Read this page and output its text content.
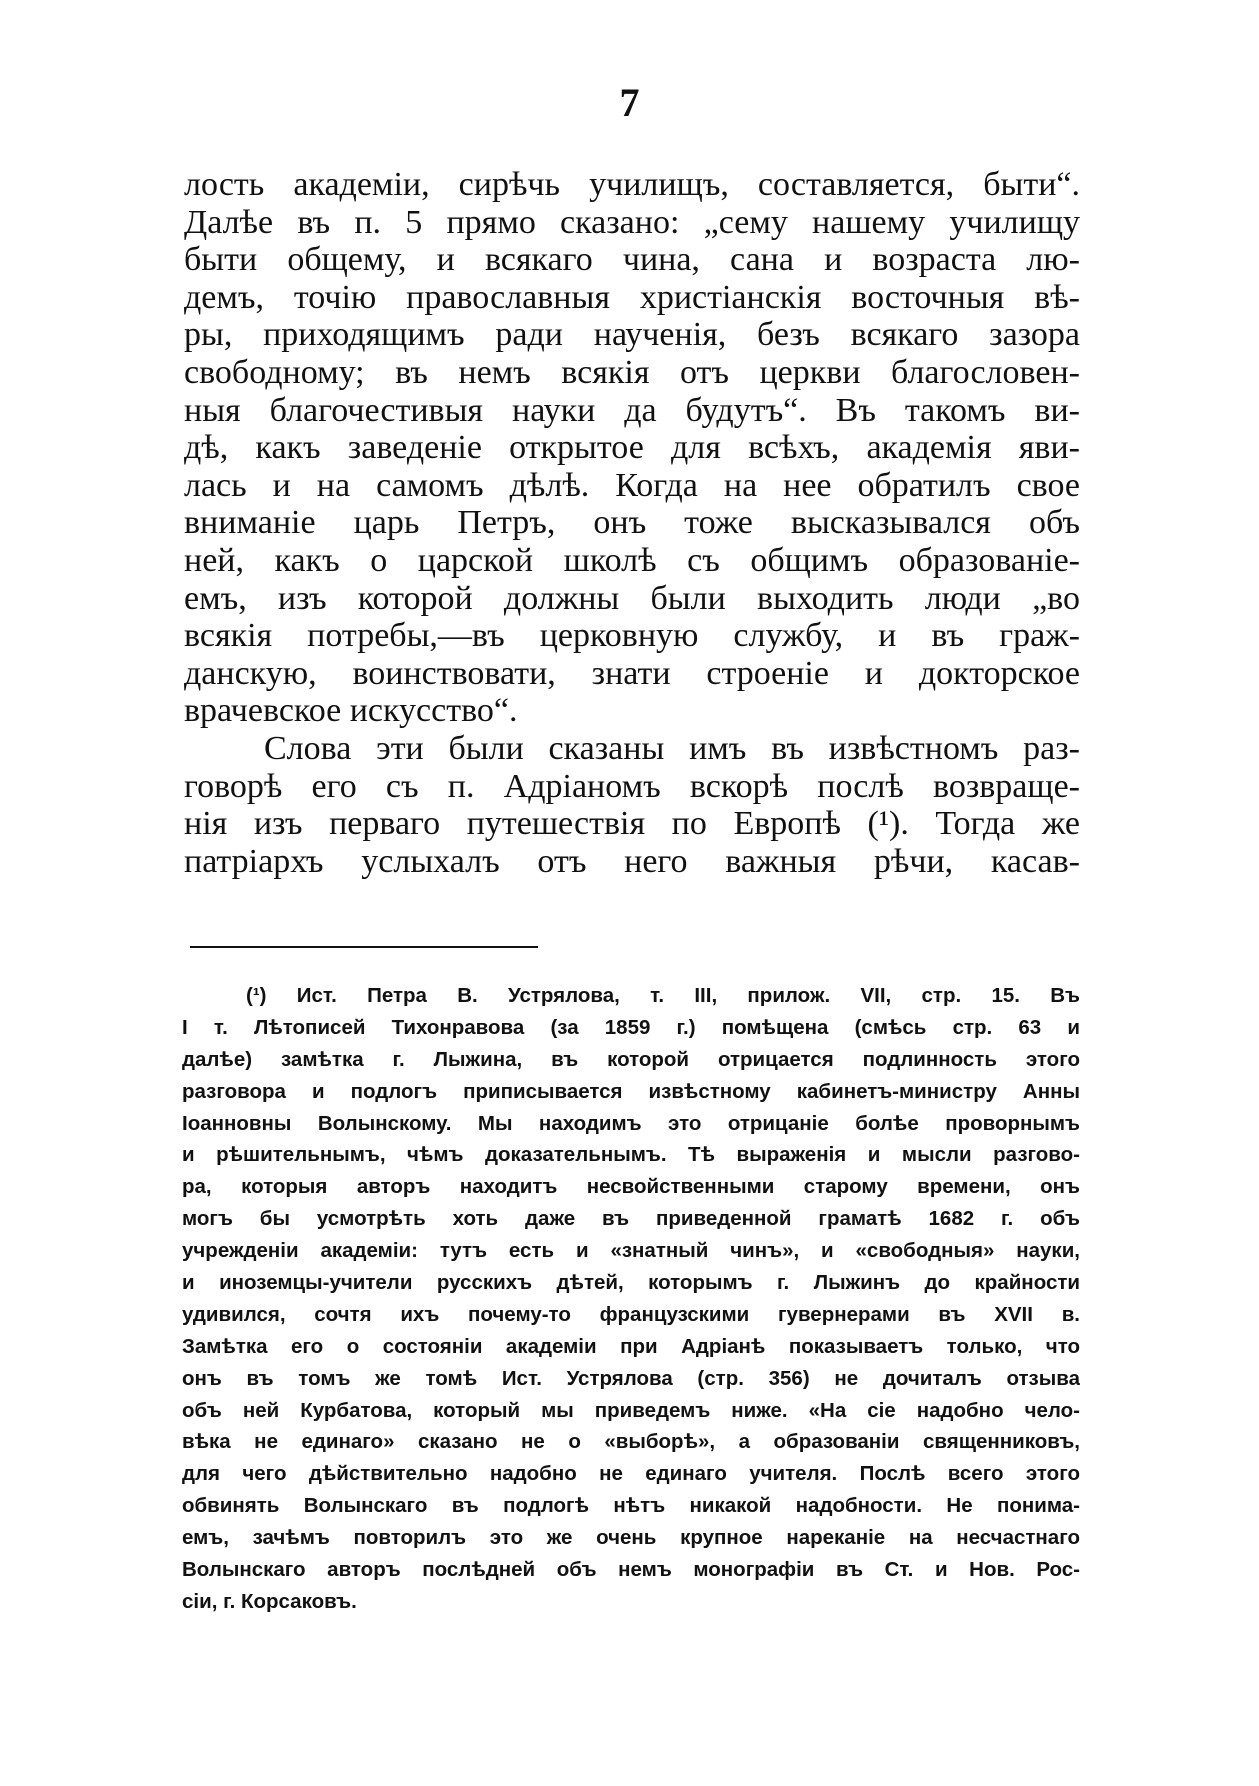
7
лость академіи, сирѣчь училищъ, составляется, быти“.
Далѣе въ п. 5 прямо сказано: „сему нашему училищу
быти общему, и всякаго чина, сана и возраста лю-
демъ, точію православныя христіанскія восточныя вѣ-
ры, приходящимъ ради наученія, безъ всякаго зазора
свободному; въ немъ всякія отъ церкви благословен-
ныя благочестивыя науки да будутъ“. Въ такомъ ви-
дѣ, какъ заведеніе открытое для всѣхъ, академія яви-
лась и на самомъ дѣлѣ. Когда на нее обратилъ свое
вниманіе царь Петръ, онъ тоже высказывался объ
ней, какъ о царской школѣ съ общимъ образованіе-
емъ, изъ которой должны были выходить люди „во
всякія потребы,—въ церковную службу, и въ граж-
данскую, воинствовати, знати строеніе и докторское
врачевское искусство“.
Слова эти были сказаны имъ въ извѣстномъ раз-
говорѣ его съ п. Адріаномъ вскорѣ послѣ возвраще-
нія изъ перваго путешествія по Европѣ (¹). Тогда же
патріархъ услыхалъ отъ него важныя рѣчи, касав-
(¹) Ист. Петра В. Устрялова, т. III, прилож. VII, стр. 15. Въ
I т. Лѣтописей Тихонравова (за 1859 г.) помѣщена (смѣсь стр. 63 и
далѣе) замѣтка г. Лыжина, въ которой отрицается подлинность этого
разговора и подлогъ приписывается извѣстному кабинетъ-министру Анны
Іоанновны Волынскому. Мы находимъ это отрицаніе болѣе проворнымъ
и рѣшительнымъ, чѣмъ доказательнымъ. Тѣ выраженія и мысли разгово-
ра, которыя авторъ находитъ несвойственными старому времени, онъ
могъ бы усмотрѣть хоть даже въ приведенной граматѣ 1682 г. объ
учрежденіи академіи: тутъ есть и «знатный чинъ», и «свободныя» науки,
и иноземцы-учители русскихъ дѣтей, которымъ г. Лыжинъ до крайности
удивился, сочтя ихъ почему-то французскими гувернерами въ XVII в.
Замѣтка его о состояніи академіи при Адріанѣ показываетъ только, что
онъ въ томъ же томѣ Ист. Устрялова (стр. 356) не дочиталъ отзыва
объ ней Курбатова, который мы приведемъ ниже. «На сіе надобно чело-
вѣка не единаго» сказано не о «выборѣ», а образованіи священниковъ,
для чего дѣйствительно надобно не единаго учителя. Послѣ всего этого
обвинять Волынскаго въ подлогѣ нѣтъ никакой надобности. Не понима-
емъ, зачѣмъ повторилъ это же очень крупное нареканіе на несчастнаго
Волынскаго авторъ послѣдней объ немъ монографіи въ Ст. и Нов. Рос-
сіи, г. Корсаковъ.
